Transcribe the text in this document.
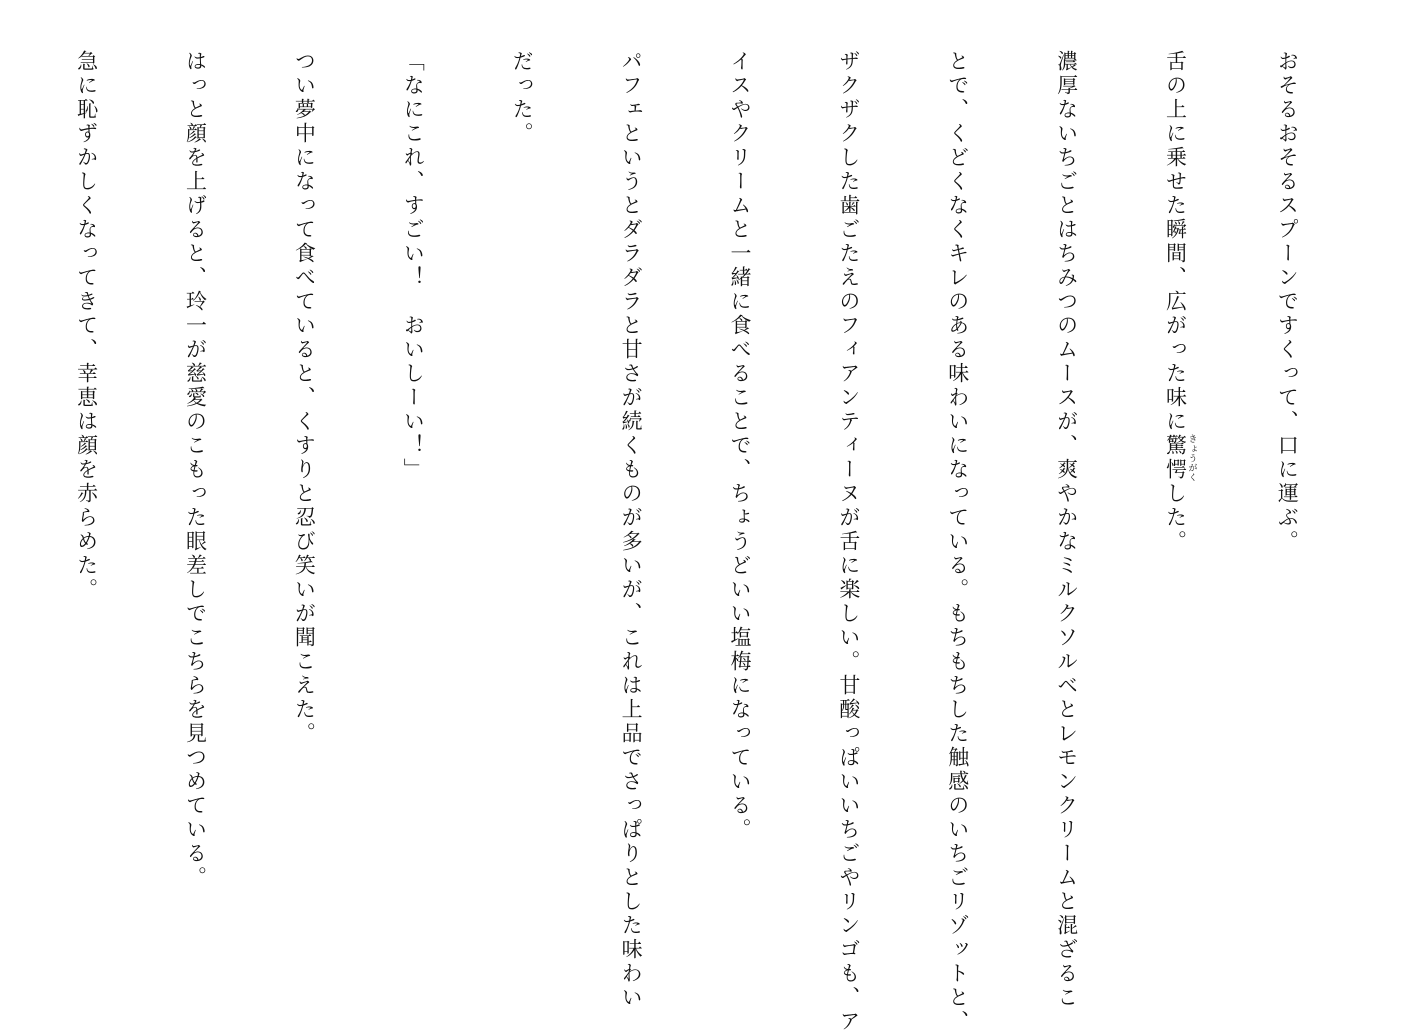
おそるおそるスプーンですくって、口に運ぶ。

舌の上に乗せた瞬間、広がった味に驚愕 きょうがくした。

濃厚ないちごとはちみつのムースが、爽やかなミルクソルベとレモンクリームと混ざるこ

とで、くどくなくキレのある味わいになっている。もちもちした触感のいちごリゾットと、

ザクザクした歯ごたえのフィアンティーヌが舌に楽しい。甘酸っぱいいちごやリンゴも、ア

イスやクリームと一緒に食べることで、ちょうどいい塩梅になっている。

パフェというとダラダラと甘さが続くものが多いが、これは上品でさっぱりとした味わい

だった。

「なにこれ、すごい！　おいしーい！」

つい夢中になって食べていると、くすりと忍び笑いが聞こえた。

はっと顔を上げると、玲一が慈愛のこもった眼差しでこちらを見つめている。

急に恥ずかしくなってきて、幸恵は顔を赤らめた。
